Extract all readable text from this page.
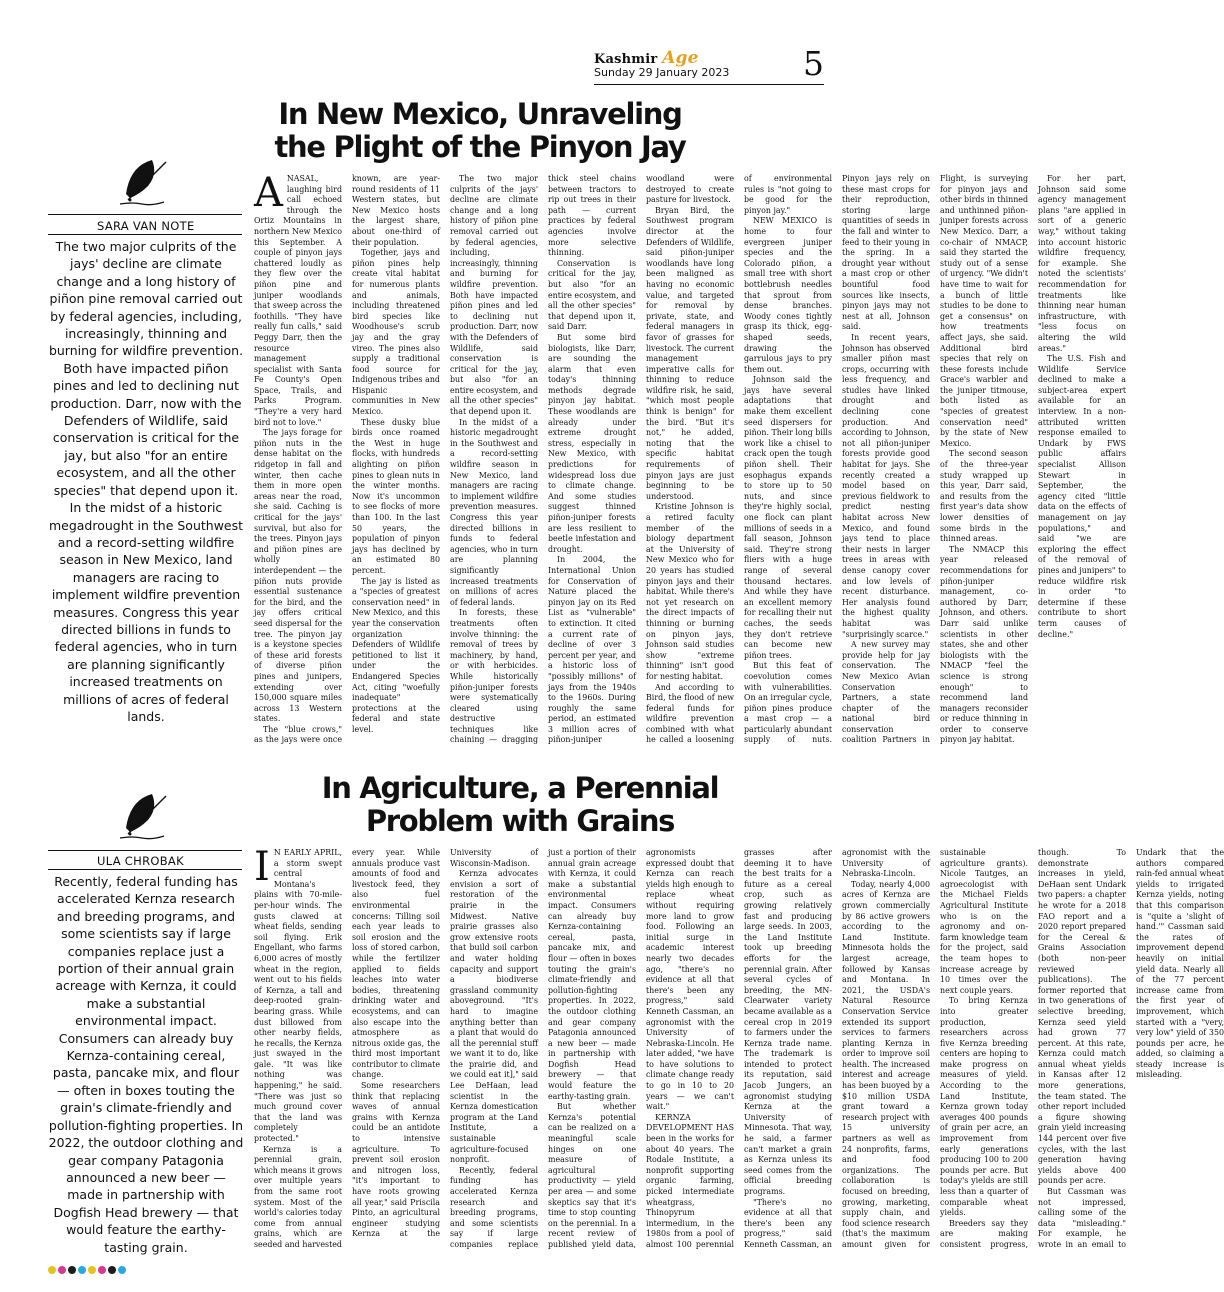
Kashmir Age
Sunday 29 January 2023 5
In New Mexico, Unraveling
the Plight of the Pinyon Jay
SARA VAN NOTE
The two major culprits of the jays' decline are climate change and a long history of piñon pine removal carried out by federal agencies, including, increasingly, thinning and burning for wildfire prevention. Both have impacted piñon pines and led to declining nut production. Darr, now with the Defenders of Wildlife, said conservation is critical for the jay, but also "for an entire ecosystem, and all the other species" that depend upon it. In the midst of a historic megadrought in the Southwest and a record-setting wildfire season in New Mexico, land managers are racing to implement wildfire prevention measures. Congress this year directed billions in funds to federal agencies, who in turn are planning significantly increased treatments on millions of acres of federal lands.

ANASAL, laughing bird call echoed through the Ortiz Mountains in northern New Mexico this September. A couple of pinyon jays chattered loudly as they flew over the piñon pine and juniper woodlands that sweep across the foothills. "They have really fun calls," said Peggy Darr, then the resource management specialist with Santa Fe County's Open Space, Trails, and Parks Program. "They're a very hard bird not to love."

The jays forage for piñon nuts in the dense habitat on the ridgetop in fall and winter, then cache them in more open areas near the road, she said. Caching is critical for the jays' survival, but also for the trees. Pinyon jays and piñon pines are wholly interdependent — the piñon nuts provide essential sustenance for the bird, and the jay offers critical seed dispersal for the tree. The pinyon jay is a keystone species of these arid forests of diverse piñon pines and junipers, extending over 150,000 square miles across 13 Western states.

The "blue crows," as the jays were once known, are year-round residents of 11 Western states, but New Mexico hosts the largest share, about one-third of their population.

Together, jays and piñon pines help create vital habitat for numerous plants and animals, including threatened bird species like Woodhouse's scrub jay and the gray vireo. The pines also supply a traditional food source for Indigenous tribes and Hispanic communities in New Mexico.

These dusky blue birds once roamed the West in huge flocks, with hundreds alighting on piñon pines to glean nuts in the winter months. Now it's uncommon to see flocks of more than 100. In the last 50 years, the population of pinyon jays has declined by an estimated 80 percent.

The jay is listed as a "species of greatest conservation need" in New Mexico, and this year the conservation organization Defenders of Wildlife petitioned to list it under the Endangered Species Act, citing "woefully inadequate" protections at the federal and state level.

The two major culprits of the jays' decline are climate change and a long history of piñon pine removal carried out by federal agencies, including, increasingly, thinning and burning for wildfire prevention. Both have impacted piñon pines and led to declining nut production. Darr, now with the Defenders of Wildlife, said conservation is critical for the jay, but also "for an entire ecosystem, and all the other species" that depend upon it.

In the midst of a historic megadrought in the Southwest and a record-setting wildfire season in New Mexico, land managers are racing to implement wildfire prevention measures. Congress this year directed billions in funds to federal agencies, who in turn are planning significantly increased treatments on millions of acres of federal lands.

In forests, these treatments often involve thinning: the removal of trees by machinery, by hand, or with herbicides. While historically piñon-juniper forests were systematically cleared using destructive techniques like chaining — dragging thick steel chains between tractors to rip out trees in their path — current practices by federal agencies involve more selective thinning.

Conservation is critical for the jay, but also "for an entire ecosystem, and all the other species" that depend upon it, said Darr.

But some bird biologists, like Darr, are sounding the alarm that even today's thinning methods degrade pinyon jay habitat. These woodlands are already under extreme drought stress, especially in New Mexico, with predictions for widespread loss due to climate change. And some studies suggest thinned piñon-juniper forests are less resilient to beetle infestation and drought.

In 2004, the International Union for Conservation of Nature placed the pinyon jay on its Red List as "vulnerable" to extinction. It cited a current rate of decline of over 3 percent per year, and a historic loss of "possibly millions" of jays from the 1940s to the 1960s. During roughly the same period, an estimated 3 million acres of piñon-juniper woodland were destroyed to create pasture for livestock.

Bryan Bird, the Southwest program director at the Defenders of Wildlife, said piñon-juniper woodlands have long been maligned as having no economic value, and targeted for removal by private, state, and federal managers in favor of grasses for livestock. The current management imperative calls for thinning to reduce wildfire risk, he said, "which most people think is benign" for the bird. "But it's not," he added, noting that the specific habitat requirements of pinyon jays are just beginning to be understood.

Kristine Johnson is a retired faculty member of the biology department at the University of New Mexico who for 20 years has studied pinyon jays and their habitat. While there's not yet research on the direct impacts of thinning or burning on pinyon jays, Johnson said studies show "extreme thinning" isn't good for nesting habitat.

And according to Bird, the flood of new federal funds for wildfire prevention combined with what he called a loosening of environmental rules is "not going to be good for the pinyon jay."

NEW MEXICO is home to four evergreen juniper species and the Colorado piñon, a small tree with short bottlebrush needles that sprout from dense branches. Woody cones tightly grasp its thick, egg-shaped seeds, drawing the garrulous jays to pry them out.

Johnson said the jays have several adaptations that make them excellent seed dispersers for piñon. Their long bills work like a chisel to crack open the tough piñon shell. Their esophagus expands to store up to 50 nuts, and since they're highly social, one flock can plant millions of seeds in a fall season, Johnson said. They're strong fliers with a huge range of several thousand hectares. And while they have an excellent memory for recalling their nut caches, the seeds they don't retrieve can become new piñon trees.

But this feat of coevolution comes with vulnerabilities. On an irregular cycle, piñon pines produce a mast crop — a particularly abundant supply of nuts. Pinyon jays rely on these mast crops for their reproduction, storing large quantities of seeds in the fall and winter to feed to their young in the spring. In a drought year without a mast crop or other bountiful food sources like insects, pinyon jays may not nest at all, Johnson said.

In recent years, Johnson has observed smaller piñon mast crops, occurring with less frequency, and studies have linked drought and declining cone production. And according to Johnson, not all piñon-juniper forests provide good habitat for jays. She recently created a model based on previous fieldwork to predict nesting habitat across New Mexico, and found jays tend to place their nests in larger trees in areas with dense canopy cover and low levels of recent disturbance. Her analysis found the highest quality habitat was "surprisingly scarce."

A new survey may provide help for jay conservation. The New Mexico Avian Conservation Partners, a state chapter of the national bird conservation coalition Partners in Flight, is surveying for pinyon jays and other birds in thinned and unthinned piñon-juniper forests across New Mexico. Darr, a co-chair of NMACP, said they started the study out of a sense of urgency. "We didn't have time to wait for a bunch of little studies to be done to get a consensus" on how treatments affect jays, she said. Additional bird species that rely on these forests include Grace's warbler and the juniper titmouse, both listed as "species of greatest conservation need" by the state of New Mexico.

The second season of the three-year study wrapped up this year, Darr said, and results from the first year's data show lower densities of some birds in the thinned areas.

The NMACP this year released recommendations for piñon-juniper management, co-authored by Darr, Johnson, and others. Darr said unlike scientists in other states, she and other biologists with the NMACP "feel the science is strong enough" to recommend land managers reconsider or reduce thinning in order to conserve pinyon jay habitat.

For her part, Johnson said some agency management plans "are applied in sort of a generic way," without taking into account historic wildfire frequency, for example. She noted the scientists' recommendation for treatments like thinning near human infrastructure, with "less focus on altering the wild areas."

The U.S. Fish and Wildlife Service declined to make a subject-area expert available for an interview. In a non-attributed written response emailed to Undark by FWS public affairs specialist Allison Stewart in September, the agency cited "little data on the effects of management on jay populations," and said "we are exploring the effect of the removal of pines and junipers" to reduce wildfire risk in order "to determine if these contribute to short term causes of decline."

In Agriculture, a Perennial
Problem with Grains
ULA CHROBAK
Recently, federal funding has accelerated Kernza research and breeding programs, and some scientists say if large companies replace just a portion of their annual grain acreage with Kernza, it could make a substantial environmental impact. Consumers can already buy Kernza-containing cereal, pasta, pancake mix, and flour — often in boxes touting the grain's climate-friendly and pollution-fighting properties. In 2022, the outdoor clothing and gear company Patagonia announced a new beer — made in partnership with Dogfish Head brewery — that would feature the earthy-tasting grain.

I N EARLY APRIL, a storm swept central Montana's plains with 70-mile-per-hour winds. The gusts clawed at wheat fields, sending soil flying. Erik Engellant, who farms 6,000 acres of mostly wheat in the region, went out to his fields of Kernza, a tall and deep-rooted grain-bearing grass. While dust billowed from other nearby fields, he recalls, the Kernza just swayed in the gale. "It was like nothing was happening," he said. "There was just so much ground cover that the land was completely protected."

Kernza is a perennial grain, which means it grows over multiple years from the same root system. Most of the world's calories today come from annual grains, which are seeded and harvested every year. While annuals produce vast amounts of food and livestock feed, they also fuel environmental concerns: Tilling soil each year leads to soil erosion and the loss of stored carbon, while the fertilizer applied to fields leaches into water bodies, threatening drinking water and ecosystems, and can also escape into the atmosphere as nitrous oxide gas, the third most important contributor to climate change.

Some researchers think that replacing waves of annual grains with Kernza could be an antidote to intensive agriculture. To prevent soil erosion and nitrogen loss, "it's important to have roots growing all year," said Priscila Pinto, an agricultural engineer studying Kernza at the University of Wisconsin-Madison.

Kernza advocates envision a sort of restoration of the prairie in the Midwest. Native prairie grasses also grow extensive roots that build soil carbon and water holding capacity and support a biodiverse grassland community aboveground. "It's hard to imagine anything better than a plant that would do all the perennial stuff we want it to do, like the prairie did, and we could eat it]," said Lee DeHaan, lead scientist in the Kernza domestication program at the Land Institute, a sustainable agriculture-focused nonprofit.

Recently, federal funding has accelerated Kernza research and breeding programs, and some scientists say if large companies replace just a portion of their annual grain acreage with Kernza, it could make a substantial environmental impact. Consumers can already buy Kernza-containing cereal, pasta, pancake mix, and flour — often in boxes touting the grain's climate-friendly and pollution-fighting properties. In 2022, the outdoor clothing and gear company Patagonia announced a new beer — made in partnership with Dogfish Head brewery — that would feature the earthy-tasting grain.

But whether Kernza's potential can be realized on a meaningful scale hinges on one measure of agricultural productivity — yield per area — and some skeptics say that it's time to stop counting on the perennial. In a recent review of published yield data, agronomists expressed doubt that Kernza can reach yields high enough to replace wheat without requiring more land to grow food. Following an initial surge in academic interest nearly two decades ago, "there's no evidence at all that there's been any progress," said Kenneth Cassman, an agronomist with the University of Nebraska-Lincoln. He later added, "we have to have solutions to climate change ready to go in 10 to 20 years — we can't wait."

KERNZA DEVELOPMENT HAS been in the works for about 40 years. The Rodale Institute, a nonprofit supporting organic farming, picked intermediate wheatgrass, Thinopyrum intermedium, in the 1980s from a pool of almost 100 perennial grasses after deeming it to have the best traits for a future as a cereal crop, such as growing relatively fast and producing large seeds. In 2003, the Land Institute took up breeding efforts for the perennial grain. After several cycles of breeding, the MN-Clearwater variety became available as a cereal crop in 2019 to farmers under the Kernza trade name. The trademark is intended to protect its reputation, said Jacob Jungers, an agronomist studying Kernza at the University of Minnesota. That way, he said, a farmer can't market a grain as Kernza unless its seed comes from the official breeding programs.

"There's no evidence at all that there's been any progress," said Kenneth Cassman, an agronomist with the University of Nebraska-Lincoln.

Today, nearly 4,000 acres of Kernza are grown commercially by 86 active growers according to the Land Institute. Minnesota holds the largest acreage, followed by Kansas and Montana. In 2021, the USDA's Natural Resource Conservation Service extended its support services to farmers planting Kernza in order to improve soil health. The increased interest and acreage has been buoyed by a $10 million USDA grant toward a research project with 15 university partners as well as 24 nonprofits, farms, and food organizations. The collaboration is focused on breeding, growing, marketing, supply chain, and food science research (that's the maximum amount given for sustainable agriculture grants). Nicole Tautges, an agroecologist with the Michael Fields Agricultural Institute who is on the agronomy and on-farm knowledge team for the project, said the team hopes to increase acreage by 10 times over the next couple years.

To bring Kernza into greater production, researchers across five Kernza breeding centers are hoping to make progress on measures of yield. According to the Land Institute, Kernza grown today averages 400 pounds of grain per acre, an improvement from early generations producing 100 to 200 pounds per acre. But today's yields are still less than a quarter of comparable wheat yields.

Breeders say they are making consistent progress, though. To demonstrate increases in yield, DeHaan sent Undark two papers: a chapter he wrote for a 2018 FAO report and a 2020 report prepared for the Cereal & Grains Association (both non-peer reviewed publications). The former reported that in two generations of selective breeding, Kernza seed yield had grown 77 percent. At this rate, Kernza could match annual wheat yields in Kansas after 12 more generations, the team stated. The other report included a figure showing grain yield increasing 144 percent over five cycles, with the last generation having yields above 400 pounds per acre.

But Cassman was not impressed, calling some of the data "misleading." For example, he wrote in an email to Undark that the authors compared rain-fed annual wheat yields to irrigated Kernza yields, noting that this comparison is "quite a 'slight of hand.'" Cassman said the rates of improvement depend heavily on initial yield data. Nearly all of the 77 percent increase came from the first year of improvement, which started with a "very, very low" yield of 350 pounds per acre, he added, so claiming a steady increase is misleading.
